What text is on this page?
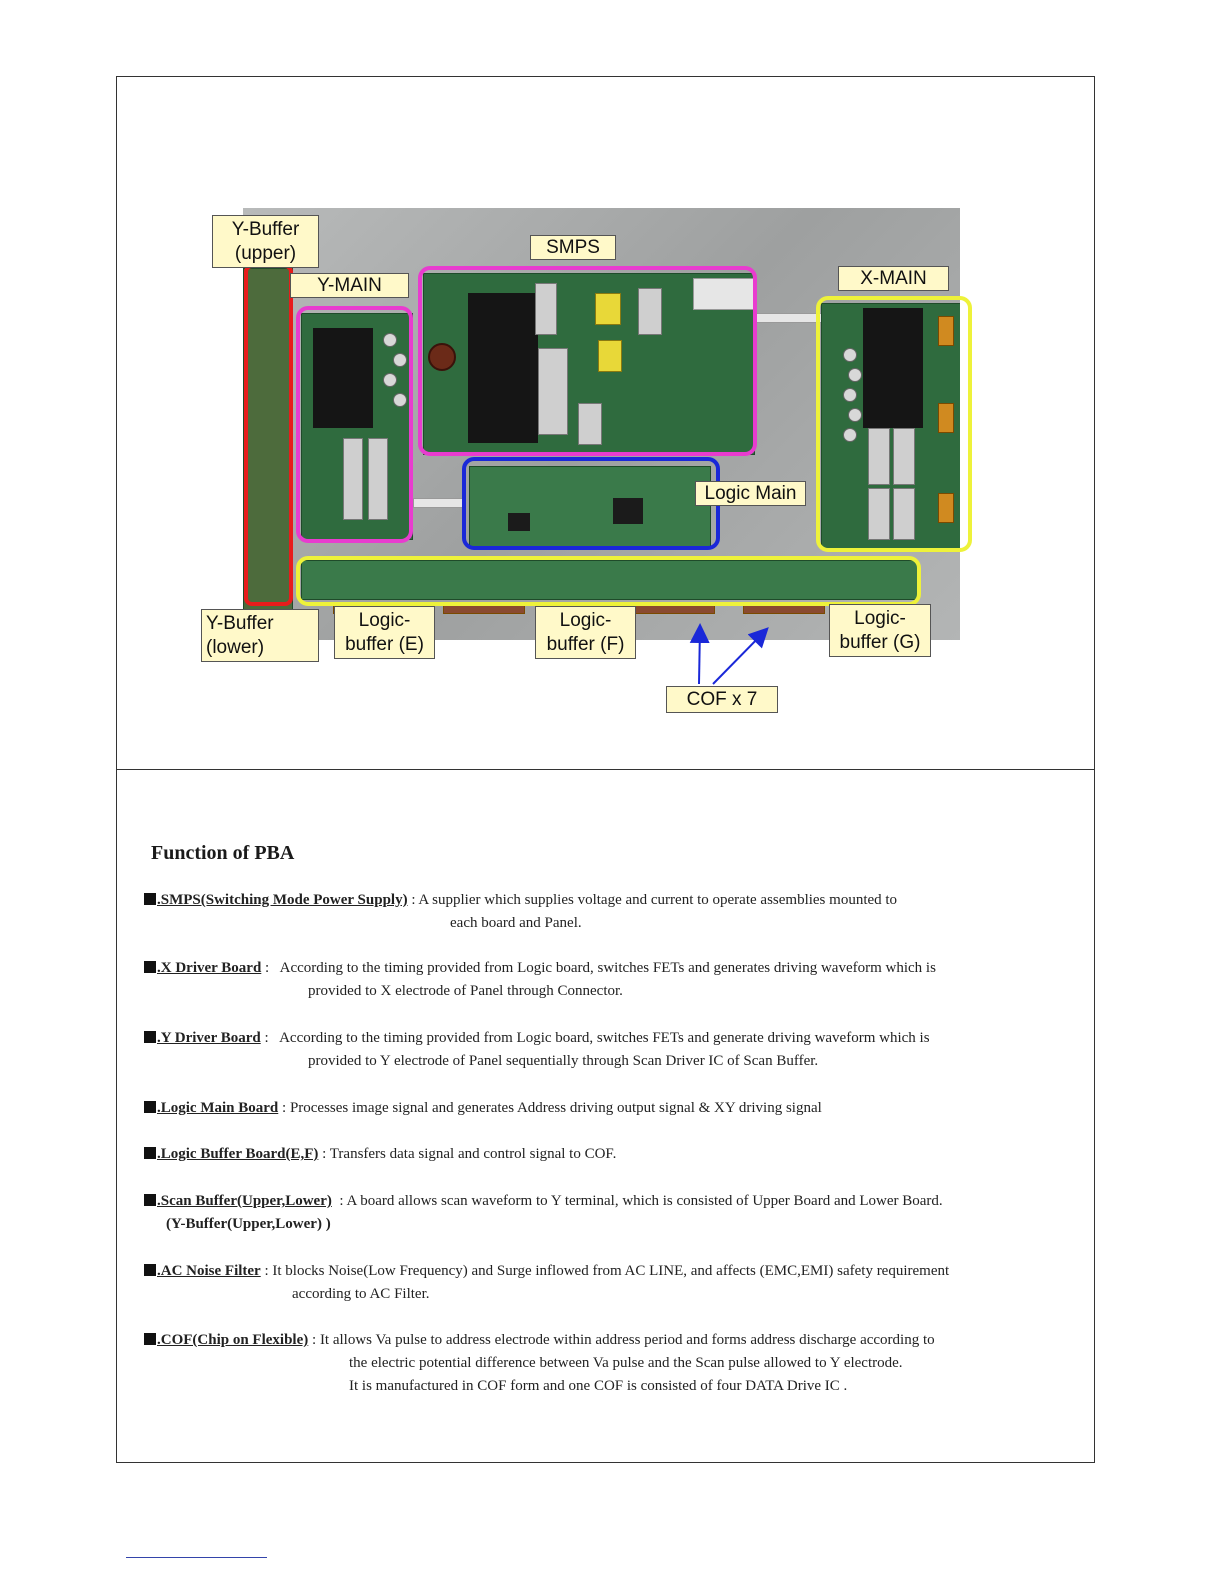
Y-Buffer
(upper)
Y-MAIN
SMPS
X-MAIN
Logic Main
Y-Buffer
(lower)
Logic-
buffer (E)
Logic-
buffer (F)
Logic-
buffer (G)
COF x 7
Function of PBA
.SMPS(Switching Mode Power Supply) : A supplier which supplies voltage and current to operate assemblies mounted to
each board and Panel.
.X Driver Board :   According to the timing provided from Logic board, switches FETs and generates driving waveform which is
provided to X electrode of Panel through Connector.
.Y Driver Board :   According to the timing provided from Logic board, switches FETs and generate driving waveform which is
provided to Y electrode of Panel sequentially through Scan Driver IC of Scan Buffer.
.Logic Main Board : Processes image signal and generates Address driving output signal & XY driving signal
.Logic Buffer Board(E,F) : Transfers data signal and control signal to COF.
.Scan Buffer(Upper,Lower)  : A board allows scan waveform to Y terminal, which is consisted of Upper Board and Lower Board.
(Y-Buffer(Upper,Lower) )
.AC Noise Filter : It blocks Noise(Low Frequency) and Surge inflowed from AC LINE, and affects (EMC,EMI) safety requirement
according to AC Filter.
.COF(Chip on Flexible) : It allows Va pulse to address electrode within address period and forms address discharge according to
the electric potential difference between Va pulse and the Scan pulse allowed to Y electrode.
It is manufactured in COF form and one COF is consisted of four DATA Drive IC .
